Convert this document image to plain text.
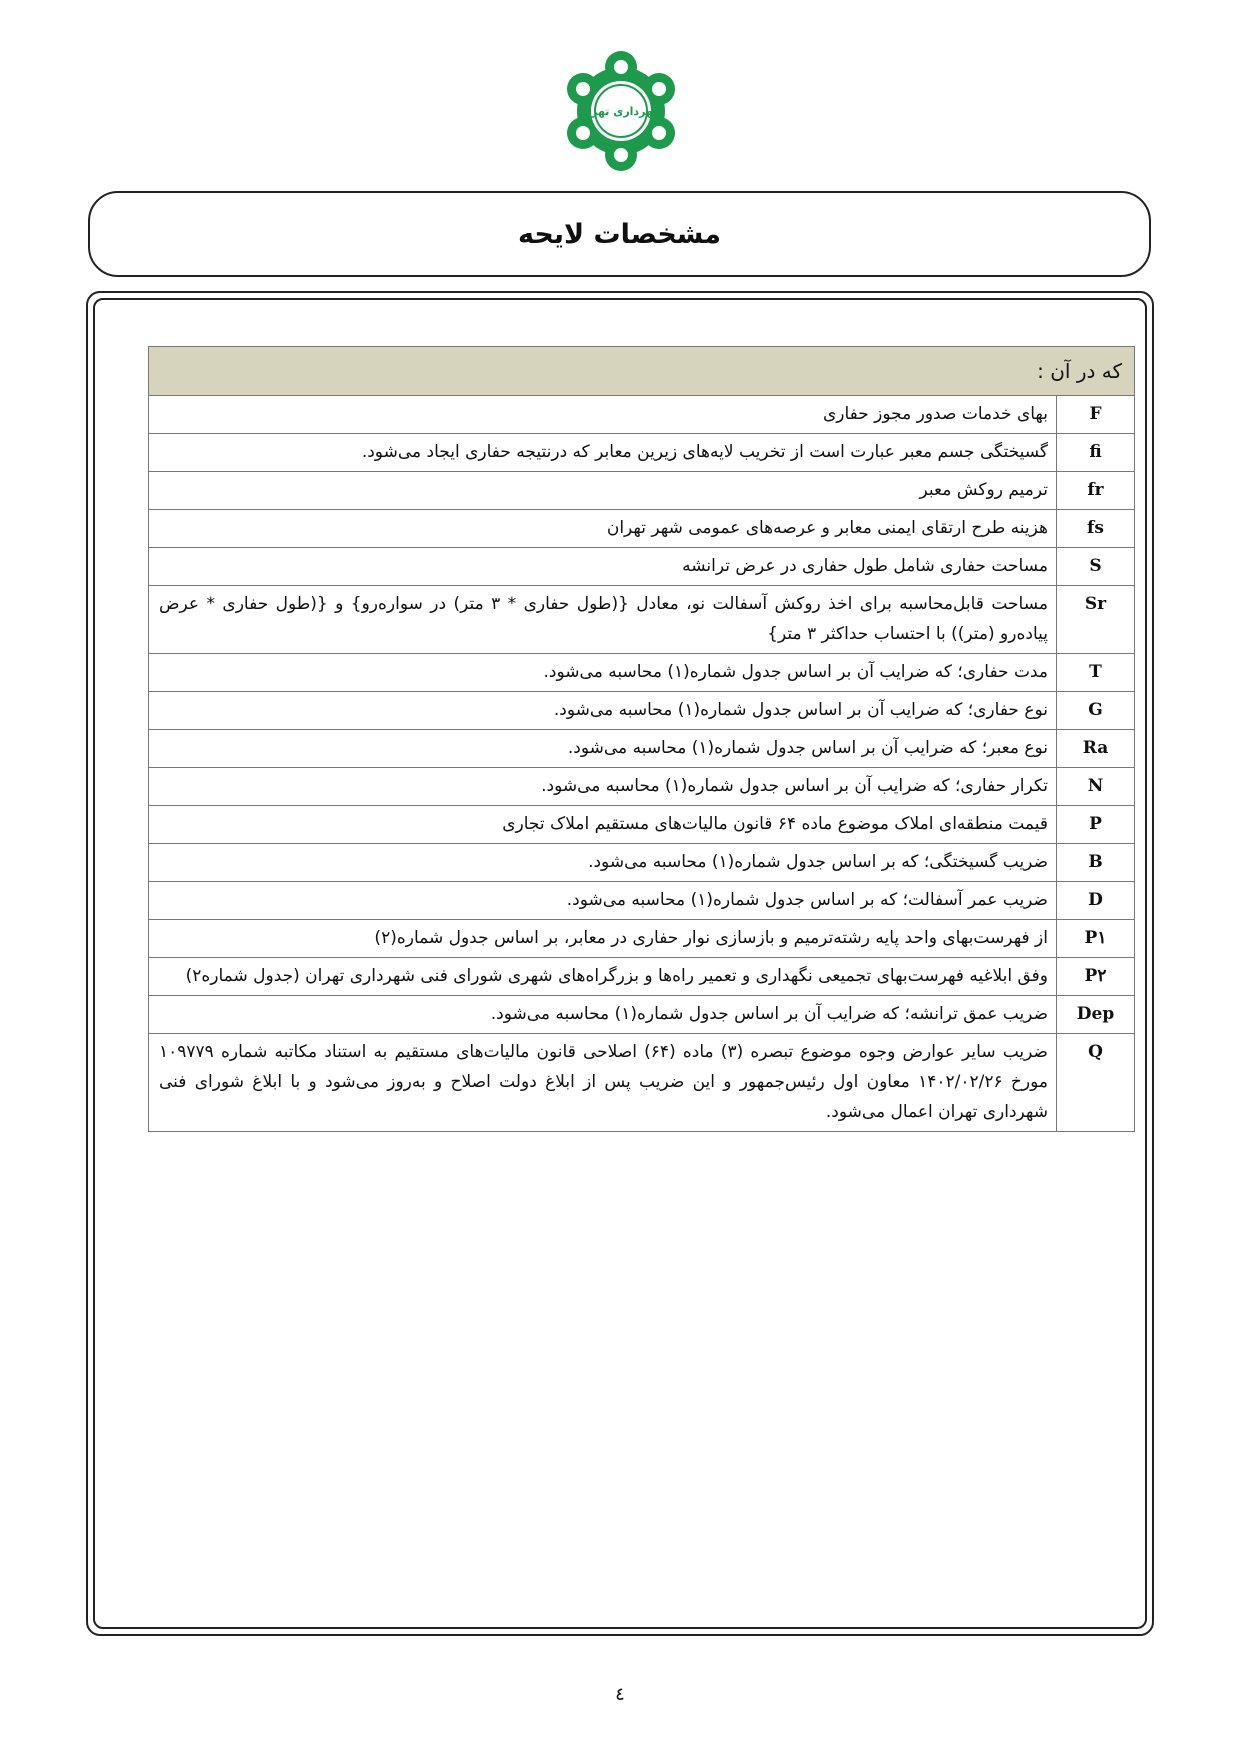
شهرداری تهران
مشخصات لایحه
که در آن :	
F	بهای خدمات صدور مجوز حفاری
fi	گسیختگی جسم معبر عبارت است از تخریب لایه‌های زیرین معابر که درنتیجه حفاری ایجاد می‌شود.
fr	ترمیم روکش معبر
fs	هزینه طرح ارتقای ایمنی معابر و عرصه‌های عمومی شهر تهران
S	مساحت حفاری شامل طول حفاری در عرض ترانشه
Sr	مساحت قابل‌محاسبه برای اخذ روکش آسفالت نو، معادل {(طول حفاری * ۳ متر) در سواره‌رو} و {(طول حفاری * عرض پیاده‌رو (متر)) با احتساب حداکثر ۳ متر}
T	مدت حفاری؛ که ضرایب آن بر اساس جدول شماره(۱) محاسبه می‌شود.
G	نوع حفاری؛ که ضرایب آن بر اساس جدول شماره(۱) محاسبه می‌شود.
Ra	نوع معبر؛ که ضرایب آن بر اساس جدول شماره(۱) محاسبه می‌شود.
N	تکرار حفاری؛ که ضرایب آن بر اساس جدول شماره(۱) محاسبه می‌شود.
P	قیمت منطقه‌ای املاک موضوع ماده ۶۴ قانون مالیات‌های مستقیم املاک تجاری
B	ضریب گسیختگی؛ که بر اساس جدول شماره(۱) محاسبه می‌شود.
D	ضریب عمر آسفالت؛ که بر اساس جدول شماره(۱) محاسبه می‌شود.
P۱	از فهرست‌بهای واحد پایه رشته‌ترمیم و بازسازی نوار حفاری در معابر، بر اساس جدول شماره(۲)
P۲	وفق ابلاغیه فهرست‌بهای تجمیعی نگهداری و تعمیر راه‌ها و بزرگراه‌های شهری شورای فنی شهرداری تهران (جدول شماره۲)
Dep	ضریب عمق ترانشه؛ که ضرایب آن بر اساس جدول شماره(۱) محاسبه می‌شود.
Q	ضریب سایر عوارض وجوه موضوع تبصره (۳) ماده (۶۴) اصلاحی قانون مالیات‌های مستقیم به استناد مکاتبه شماره ۱۰۹۷۷۹ مورخ ۱۴۰۲/۰۲/۲۶ معاون اول رئیس‌جمهور و این ضریب پس از ابلاغ دولت اصلاح و به‌روز می‌شود و با ابلاغ شورای فنی شهرداری تهران اعمال می‌شود.
٤
